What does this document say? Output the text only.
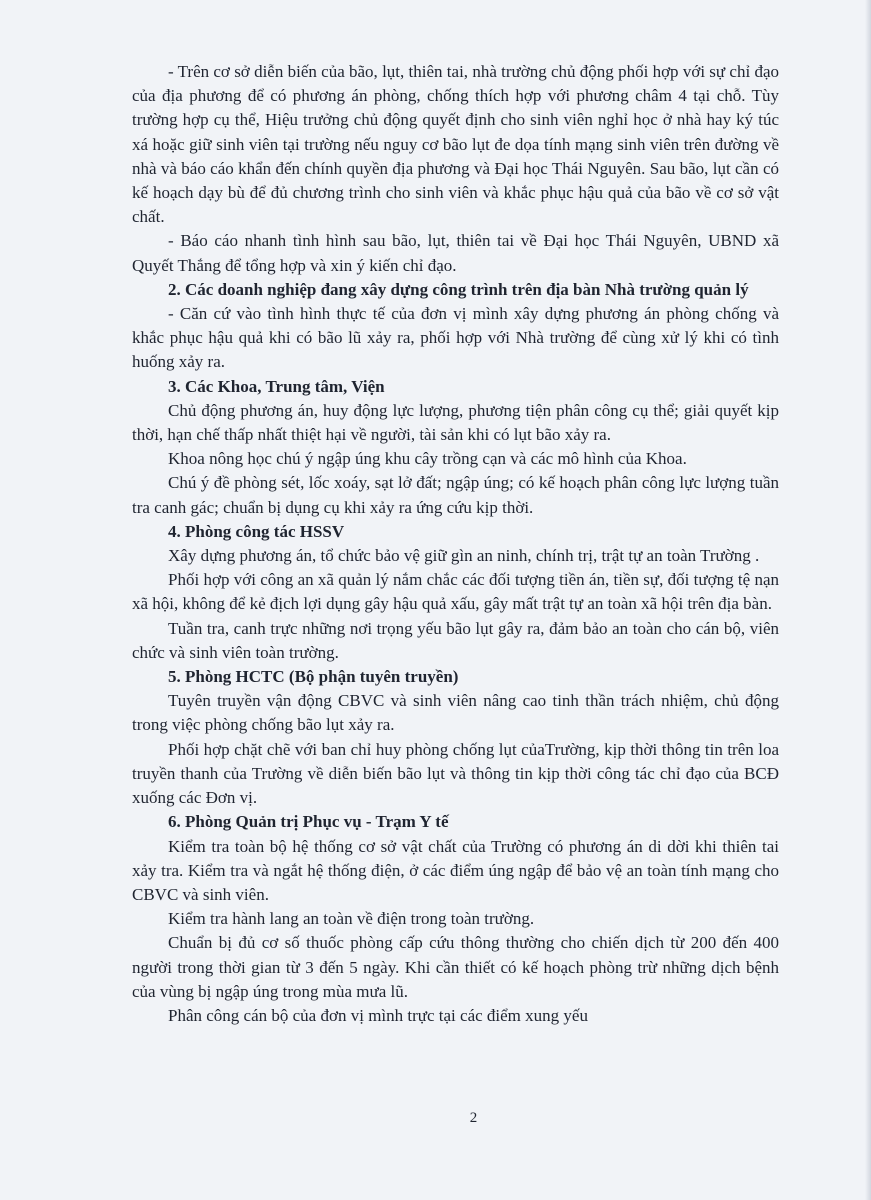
- Trên cơ sở diễn biến của bão, lụt, thiên tai, nhà trường chủ động phối hợp với sự chỉ đạo của địa phương để có phương án phòng, chống thích hợp với phương châm 4 tại chỗ. Tùy trường hợp cụ thể, Hiệu trưởng chủ động quyết định cho sinh viên nghỉ học ở nhà hay ký túc xá hoặc giữ sinh viên tại trường nếu nguy cơ bão lụt đe dọa tính mạng sinh viên trên đường về nhà và báo cáo khẩn đến chính quyền địa phương và Đại học Thái Nguyên. Sau bão, lụt cần có kế hoạch dạy bù để đủ chương trình cho sinh viên và khắc phục hậu quả của bão về cơ sở vật chất.

- Báo cáo nhanh tình hình sau bão, lụt, thiên tai về Đại học Thái Nguyên, UBND xã Quyết Thắng để tổng hợp và xin ý kiến chỉ đạo.

2. Các doanh nghiệp đang xây dựng công trình trên địa bàn Nhà trường quản lý

- Căn cứ vào tình hình thực tế của đơn vị mình xây dựng phương án phòng chống và khắc phục hậu quả khi có bão lũ xảy ra, phối hợp với Nhà trường để cùng xử lý khi có tình huống xảy ra.

3. Các Khoa, Trung tâm, Viện

Chủ động phương án, huy động lực lượng, phương tiện phân công cụ thể; giải quyết kịp thời, hạn chế thấp nhất thiệt hại về người, tài sản khi có lụt bão xảy ra.

Khoa nông học chú ý ngập úng khu cây trồng cạn và các mô hình của Khoa.

Chú ý đề phòng sét, lốc xoáy, sạt lở đất; ngập úng; có kế hoạch phân công lực lượng tuần tra canh gác; chuẩn bị dụng cụ khi xảy ra ứng cứu kịp thời.

4. Phòng công tác HSSV

Xây dựng phương án, tổ chức bảo vệ giữ gìn an ninh, chính trị, trật tự an toàn Trường .

Phối hợp với công an xã quản lý nắm chắc các đối tượng tiền án, tiền sự, đối tượng tệ nạn xã hội, không để kẻ địch lợi dụng gây hậu quả xấu, gây mất trật tự an toàn xã hội trên địa bàn.

Tuần tra, canh trực những nơi trọng yếu bão lụt gây ra, đảm bảo an toàn cho cán bộ, viên chức và sinh viên toàn trường.

5. Phòng HCTC (Bộ phận tuyên truyền)

Tuyên truyền vận động CBVC và sinh viên nâng cao tinh thần trách nhiệm, chủ động trong việc phòng chống bão lụt xảy ra.

Phối hợp chặt chẽ với ban chỉ huy phòng chống lụt củaTrường, kịp thời thông tin trên loa truyền thanh của Trường về diễn biến bão lụt và thông tin kịp thời công tác chỉ đạo của BCĐ xuống các Đơn vị.

6. Phòng Quản trị Phục vụ - Trạm Y tế

Kiểm tra toàn bộ hệ thống cơ sở vật chất của Trường có phương án di dời khi thiên tai xảy tra. Kiểm tra và ngắt hệ thống điện, ở các điểm úng ngập để bảo vệ an toàn tính mạng cho CBVC và sinh viên.

Kiểm tra hành lang an toàn về điện trong toàn trường.

Chuẩn bị đủ cơ số thuốc phòng cấp cứu thông thường cho chiến dịch từ 200 đến 400 người trong thời gian từ 3 đến 5 ngày. Khi cần thiết có kế hoạch phòng trừ những dịch bệnh của vùng bị ngập úng trong mùa mưa lũ.

Phân công cán bộ của đơn vị mình trực tại các điểm xung yếu

2
